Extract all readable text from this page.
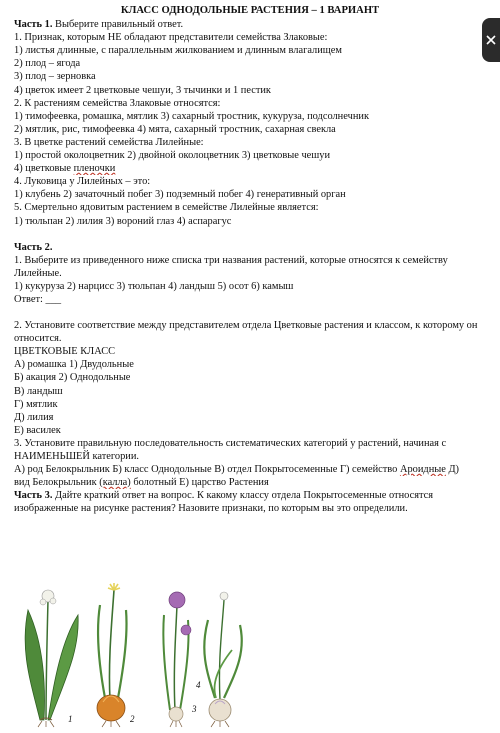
КЛАСС ОДНОДОЛЬНЫЕ РАСТЕНИЯ – 1 ВАРИАНТ
Часть 1. Выберите правильный ответ.
1. Признак, которым НЕ обладают представители семейства Злаковые:
1) листья длинные, с параллельным жилкованием и длинным влагалищем
2) плод – ягода
3) плод – зерновка
4) цветок имеет 2 цветковые чешуи, 3 тычинки и 1 пестик
2. К растениям семейства Злаковые относятся:
1) тимофеевка, ромашка, мятлик 3) сахарный тростник, кукуруза, подсолнечник
2) мятлик, рис, тимофеевка 4) мята, сахарный тростник, сахарная свекла
3. В цветке растений семейства Лилейные:
1) простой околоцветник 2) двойной околоцветник 3) цветковые чешуи
4) цветковые пленочки
4. Луковица у Лилейных – это:
1) клубень 2) зачаточный побег 3) подземный побег 4) генеративный орган
5. Смертельно ядовитым растением в семействе Лилейные является:
1) тюльпан 2) лилия 3) вороний глаз 4) аспарагус
Часть 2.
1. Выберите из приведенного ниже списка три названия растений, которые относятся к семейству Лилейные.
1) кукуруза 2) нарцисс 3) тюльпан 4) ландыш 5) осот 6) камыш
Ответ: ___
2. Установите соответствие между представителем отдела Цветковые растения и классом, к которому он относится.
ЦВЕТКОВЫЕ КЛАСС
А) ромашка 1) Двудольные
Б) акация 2) Однодольные
В) ландыш
Г) мятлик
Д) лилия
Е) василек
3. Установите правильную последовательность систематических категорий у растений, начиная с НАИМЕНЬШЕЙ категории.
А) род Белокрыльник Б) класс Однодольные В) отдел Покрытосеменные Г) семейство Ароидные Д)
вид Белокрыльник (калла) болотный Е) царство Растения
Часть 3. Дайте краткий ответ на вопрос. К какому классу отдела Покрытосеменные относятся изображенные на рисунке растения? Назовите признаки, по которым вы это определили.
1	2
3
4
